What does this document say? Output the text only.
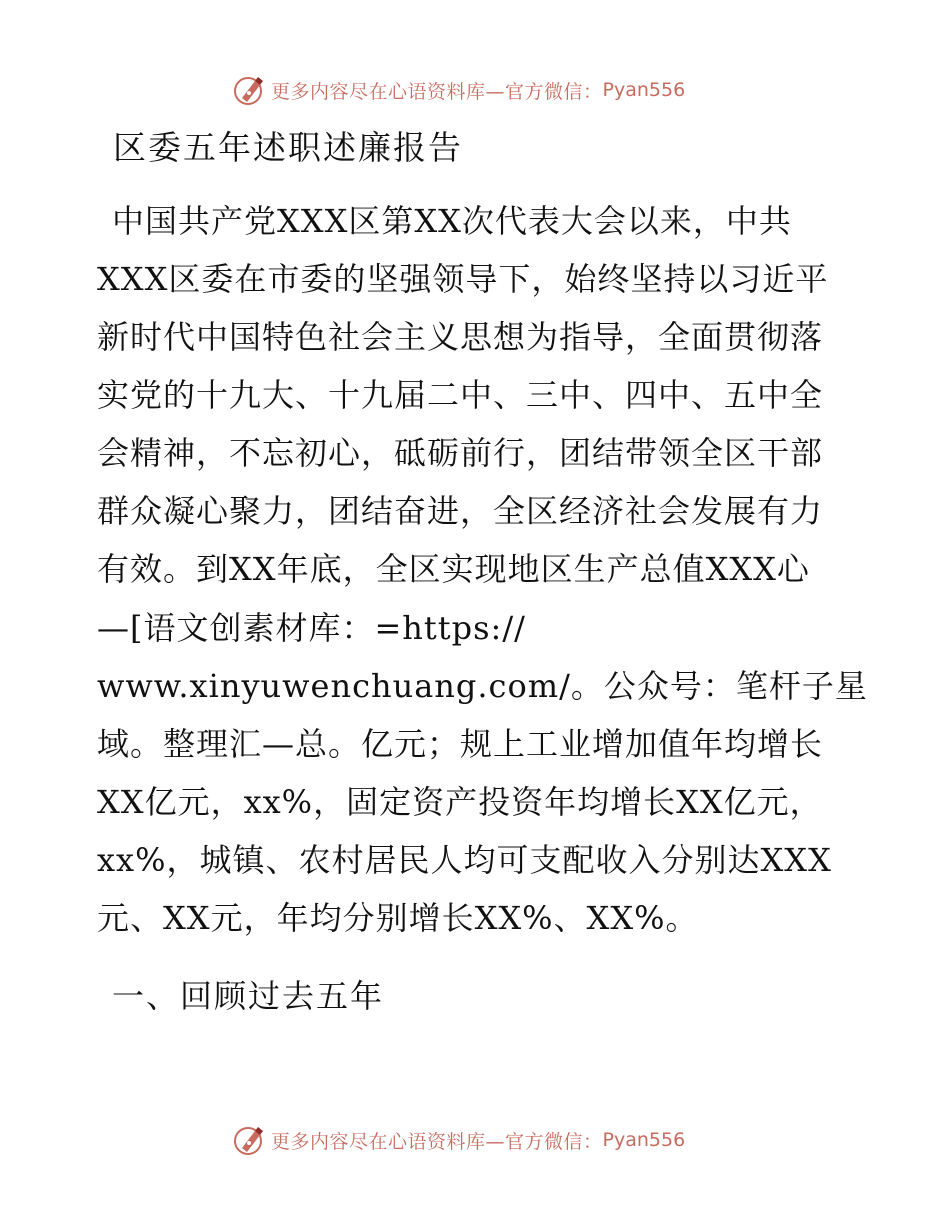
更多内容尽在心语资料库—官方微信： Pyan556
区委五年述职述廉报告
中国共产党XXX区第XX次代表大会以来，中共
XXX区委在市委的坚强领导下，始终坚持以习近平
新时代中国特色社会主义思想为指导，全面贯彻落
实党的十九大、十九届二中、三中、四中、五中全
会精神，不忘初心，砥砺前行，团结带领全区干部
群众凝心聚力，团结奋进，全区经济社会发展有力
有效。到XX年底，全区实现地区生产总值XXX心
—[语文创素材库：=https://
www.xinyuwenchuang.com/。公众号：笔杆子星
域。整理汇—总。亿元；规上工业增加值年均增长
XX亿元，xx%，固定资产投资年均增长XX亿元，
xx%，城镇、农村居民人均可支配收入分别达XXX
元、XX元，年均分别增长XX%、XX%。
一、回顾过去五年
更多内容尽在心语资料库—官方微信： Pyan556
